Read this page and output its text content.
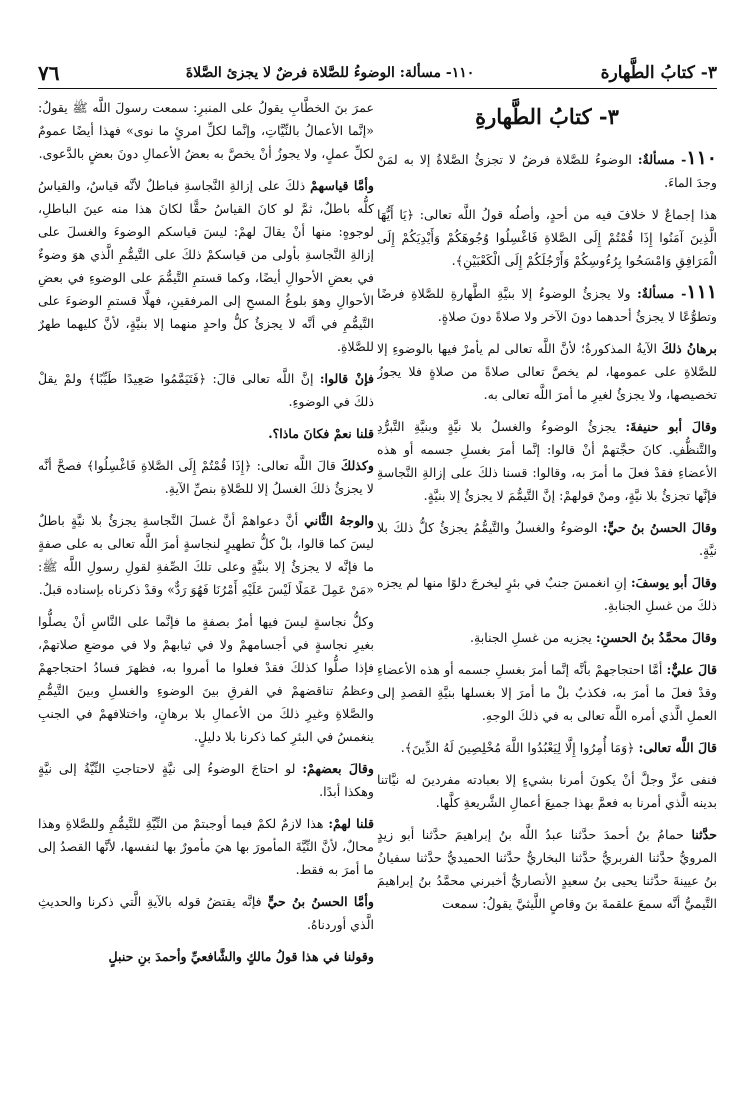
٣- كتابُ الطَّهارة
١١٠- مسألة: الوضوءُ للصَّلاة فرضٌ لا يجزئ الصَّلاةَ
٧٦
٣- كتابُ الطَّهارةِ

١١٠- مسألةٌ: الوضوءُ للصَّلاة فرضٌ لا تجزئُ الصَّلاةُ إلا به لمَنْ وجدَ الماءَ.

هذا إجماعٌ لا خلافَ فيه من أحدٍ، وأصلُه قولُ اللَّه تعالى: ﴿يَا أَيُّهَا الَّذِينَ آمَنُوا إِذَا قُمْتُمْ إِلَى الصَّلاةِ فَاغْسِلُوا وُجُوهَكُمْ وَأَيْدِيَكُمْ إِلَى الْمَرَافِقِ وَامْسَحُوا بِرُءُوسِكُمْ وَأَرْجُلَكُمْ إِلَى الْكَعْبَيْنِ﴾.

١١١- مسألةٌ: ولا يجزئُ الوضوءُ إلا بنيَّةِ الطَّهارةِ للصَّلاةِ فرضًا وتطوُّعًا لا يجزئُ أحدهما دونَ الآخر ولا صلاةً دونَ صلاةٍ.

برهانُ ذلكَ الآيةُ المذكورةُ؛ لأنَّ اللَّه تعالى لم يأمرْ فيها بالوضوءِ إلا للصَّلاةِ على عمومها، لم يخصَّ تعالى صلاةً من صلاةٍ فلا يجوزُ تخصيصها، ولا يجزئُ لغيرِ ما أمرَ اللَّه تعالى به.

وقالَ أبو حنيفةَ: يجزئُ الوضوءُ والغسلُ بلا نيَّةٍ وبنيَّةِ التَّبرُّدِ والتَّنظُّفِ. كانَ حجَّتهمْ أنْ قالوا: إنَّما أمرَ بغسلِ جسمه أو هذه الأعضاءِ فقدْ فعلَ ما أمرَ به، وقالوا: قسنا ذلكَ على إزالةِ النَّجاسةِ فإنَّها تجزئُ بلا نيَّةٍ، ومنْ قولهمْ: إنَّ التَّيمُّمَ لا يجزئُ إلا بنيَّةٍ.

وقالَ الحسنُ بنُ حيٍّ: الوضوءُ والغسلُ والتَّيمُّمُ يجزئُ كلُّ ذلكَ بلا نيَّةٍ.

وقالَ أبو يوسفَ: إنِ انغمسَ جنبٌ في بئرٍ ليخرجَ دلوًا منها لم يجزه ذلكَ من غسلِ الجنابةِ.

وقالَ محمَّدُ بنُ الحسنِ: يجزيه من غسلِ الجنابةِ.

قالَ عليٌّ: أمَّا احتجاجهمْ بأنَّه إنَّما أمرَ بغسلِ جسمه أو هذه الأعضاءِ وقدْ فعلَ ما أمرَ به، فكذبٌ بلْ ما أمرَ إلا بغسلها بنيَّةِ القصدِ إلى العملِ الَّذي أمره اللَّه تعالى به في ذلكَ الوجهِ.

قالَ اللَّه تعالى: ﴿وَمَا أُمِرُوا إِلَّا لِيَعْبُدُوا اللَّهَ مُخْلِصِينَ لَهُ الدِّينَ﴾.

فنفى عزَّ وجلَّ أنْ يكونَ أمرنا بشيءٍ إلا بعبادته مفردينَ له نيَّاتنا بدينه الَّذي أمرنا به فعمَّ بهذا جميعَ أعمالِ الشَّريعةِ كلَّها.

حدَّثنا حمامُ بنُ أحمدَ حدَّثنا عبدُ اللَّه بنُ إبراهيمَ حدَّثنا أبو زيدٍ المرويُّ حدَّثنا الفربريُّ حدَّثنا البخاريُّ حدَّثنا الحميديُّ حدَّثنا سفيانُ بنُ عيينةَ حدَّثنا يحيى بنُ سعيدٍ الأنصاريُّ أخبرني محمَّدُ بنُ إبراهيمَ التَّيميُّ أنَّه سمعَ علقمةَ بنَ وقاصٍ اللَّيثيَّ يقولُ: سمعت

عمرَ بنَ الخطَّابِ يقولُ على المنبرِ: سمعت رسولَ اللَّه ﷺ يقولُ: «إنَّما الأعمالُ بالنِّيَّاتِ، وإنَّما لكلِّ امرئٍ ما نوى» فهذا أيضًا عمومٌ لكلِّ عملٍ، ولا يجوزُ أنْ يخصَّ به بعضُ الأعمالِ دونَ بعضٍ بالدَّعوى.

وأمَّا قياسهمْ ذلكَ على إزالةِ النَّجاسةِ فباطلٌ لأنَّه قياسٌ، والقياسُ كلُّه باطلٌ، ثمَّ لو كانَ القياسُ حقًّا لكانَ هذا منه عينَ الباطلِ، لوجوهٍ: منها أنْ يقالَ لهمْ: ليسَ قياسكم الوضوءَ والغسلَ على إزالةِ النَّجاسةِ بأولى من قياسكمْ ذلكَ على التَّيمُّمِ الَّذي هوَ وضوءٌ في بعضِ الأحوالِ أيضًا، وكما قستمِ التَّيمُّمَ على الوضوءِ في بعضِ الأحوالِ وهوَ بلوغُ المسحِ إلى المرفقينِ، فهلَّا قستمِ الوضوءَ على التَّيمُّمِ في أنَّه لا يجزئُ كلُّ واحدٍ منهما إلا بنيَّةٍ، لأنَّ كليهما طهرٌ للصَّلاةِ.

فإنْ قالوا: إنَّ اللَّه تعالى قالَ: ﴿فَتَيَمَّمُوا صَعِيدًا طَيِّبًا﴾ ولمْ يقلْ ذلكَ في الوضوءِ.

قلنا نعمْ فكانَ ماذا؟.

وكذلكَ قالَ اللَّه تعالى: ﴿إِذَا قُمْتُمْ إِلَى الصَّلاةِ فَاغْسِلُوا﴾ فصحَّ أنَّه لا يجزئُ ذلكَ الغسلُ إلا للصَّلاةِ بنصِّ الآيةِ.

والوجهُ الثَّاني أنَّ دعواهمْ أنَّ غسلَ النَّجاسةِ يجزئُ بلا نيَّةٍ باطلٌ ليسَ كما قالوا، بلْ كلُّ تطهيرٍ لنجاسةٍ أمرَ اللَّه تعالى به على صفةٍ ما فإنَّه لا يجزئُ إلا بنيَّةٍ وعلى تلكَ الصِّفةِ لقولِ رسولِ اللَّه ﷺ: «مَنْ عَمِلَ عَمَلًا لَيْسَ عَلَيْهِ أَمْرُنَا فَهُوَ رَدٌّ» وقدْ ذكرناه بإسناده قبلُ.

وكلُّ نجاسةٍ ليسَ فيها أمرٌ بصفةٍ ما فإنَّما على النَّاسِ أنْ يصلُّوا بغيرِ نجاسةٍ في أجسامهمْ ولا في ثيابهمْ ولا في موضعِ صلاتهمْ، فإذا صلُّوا كذلكَ فقدْ فعلوا ما أمروا به، فظهرَ فسادُ احتجاجهمْ وعظمُ تناقضهمْ في الفرقِ بينَ الوضوءِ والغسلِ وبينَ التَّيمُّمِ والصَّلاةِ وغيرِ ذلكَ من الأعمالِ بلا برهانٍ، واختلافهمْ في الجنبِ ينغمسُ في البئرِ كما ذكرنا بلا دليلٍ.

وقالَ بعضهمْ: لو احتاجَ الوضوءُ إلى نيَّةٍ لاحتاجتِ النِّيَّةُ إلى نيَّةٍ وهكذا أبدًا.

قلنا لهمْ: هذا لازمٌ لكمْ فيما أوجبتمْ من النِّيَّةِ للتَّيمُّمِ وللصَّلاةِ وهذا محالٌ، لأنَّ النِّيَّةَ المأمورَ بها هيَ مأمورٌ بها لنفسها، لأنَّها القصدُ إلى ما أمرَ به فقط.

وأمَّا الحسنُ بنُ حيٍّ فإنَّه يقتضُ قوله بالآيةِ الَّتي ذكرنا والحديثِ الَّذي أوردناهُ.

وقولنا في هذا قولُ مالكٍ والشَّافعيِّ وأحمدَ بنِ حنبلٍ
